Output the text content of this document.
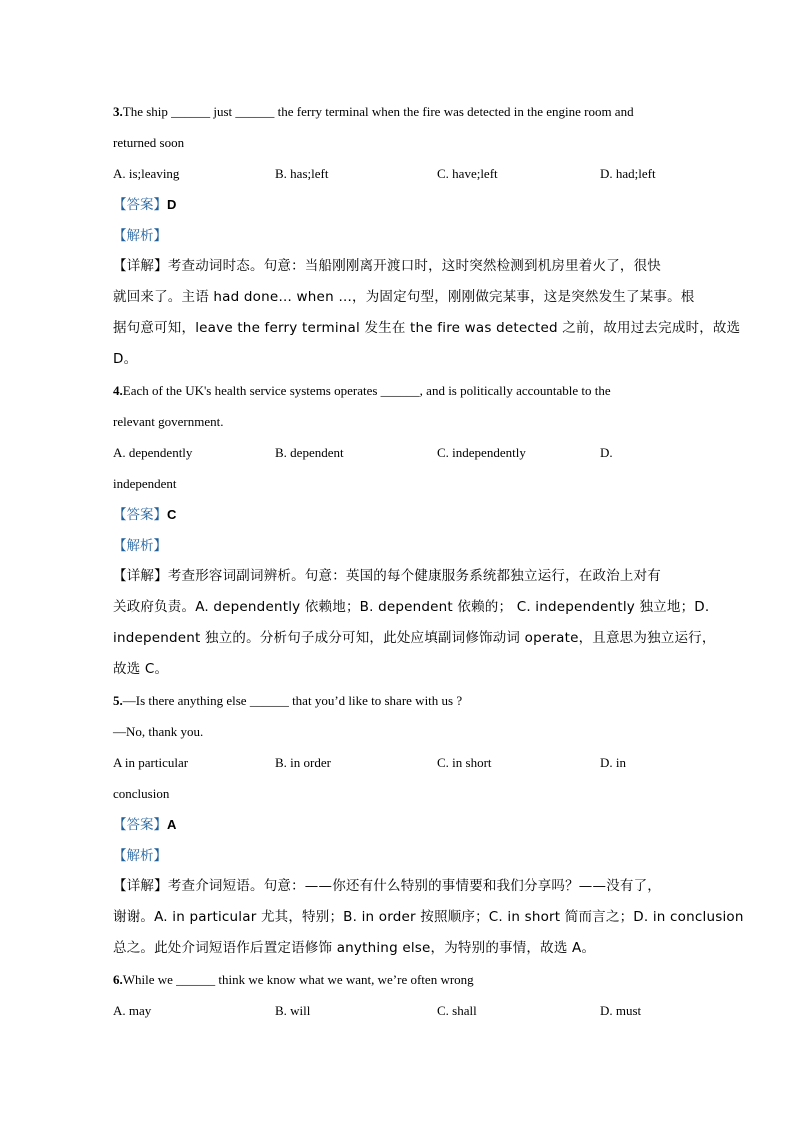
3.The ship ______ just ______ the ferry terminal when the fire was detected in the engine room and
returned soon
A. is;leaving	B. has;left	C. have;left	D. had;left
【答案】D
【解析】
【详解】考查动词时态。句意：当船刚刚离开渡口时，这时突然检测到机房里着火了，很快
就回来了。主语 had done… when …，为固定句型，刚刚做完某事，这是突然发生了某事。根
据句意可知，leave the ferry terminal 发生在 the fire was detected 之前，故用过去完成时，故选
D。
4.Each of the UK's health service systems operates ______, and is politically accountable to the
relevant government.
A. dependently	B. dependent	C. independently	D.
independent
【答案】C
【解析】
【详解】考查形容词副词辨析。句意：英国的每个健康服务系统都独立运行，在政治上对有
关政府负责。A. dependently 依赖地；B. dependent 依赖的； C. independently 独立地；D.
independent 独立的。分析句子成分可知，此处应填副词修饰动词 operate，且意思为独立运行，
故选 C。
5.—Is there anything else ______ that you’d like to share with us ?
—No, thank you.
A in particular	B. in order	C. in short	D. in
conclusion
【答案】A
【解析】
【详解】考查介词短语。句意：——你还有什么特别的事情要和我们分享吗？——没有了，
谢谢。A. in particular 尤其，特别；B. in order 按照顺序；C. in short 简而言之；D. in conclusion
总之。此处介词短语作后置定语修饰 anything else，为特别的事情，故选 A。
6.While we ______ think we know what we want, we’re often wrong
A. may	B. will	C. shall	D. must
